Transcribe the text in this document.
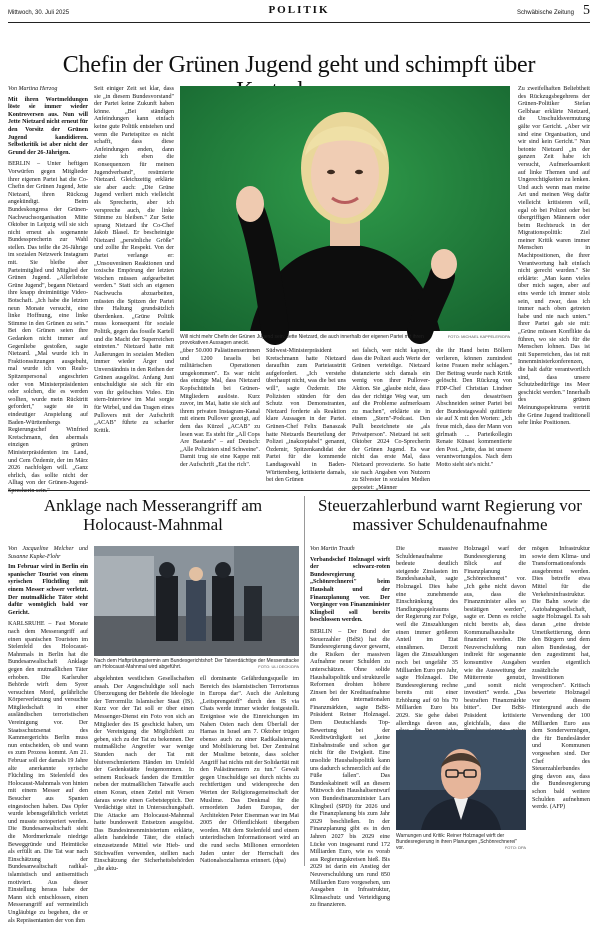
Mittwoch, 30. Juli 2025	POLITIK	Schwäbische Zeitung 5
Chefin der Grünen Jugend geht und schimpft über
Von Martina Herzog

Mit ihren Wortmeldungen löste sie immer wieder Kontroversen aus. Nun will Jette Nietzard nicht erneut für den Vorsitz der Grünen Jugend kandidieren. Selbstkritik ist aber nicht der Grund der 26-Jährigen.

BERLIN – Unter heftigen Vorwürfen gegen Mitglieder ihrer eigenen Partei hat die Co-Chefin der Grünen Jugend, Jette Nietzard, ihren Rückzug angekündigt. Beim Bundeskongress der Grünen-Nachwuchsorganisation Mitte Oktober in Leipzig will sie sich nicht erneut als sogenannte Bundessprecherin zur Wahl stellen. Das teilte die 26-Jährige im sozialen Netzwerk Instagram mit. Sie bleibe aber Parteimitglied und Mitglied der Grünen Jugend. „Allerliebste Grüne Jugend", begann Nietzard ihre knapp dreiminütige Video-Botschaft. „Ich habe die letzten neun Monate versucht, eine linke Hoffnung, eine linke Stimme in den Grünen zu sein." Bei den Grünen seien ihre Gedanken nicht immer auf Gegenliebe gestoßen, sagte Nietzard. „Mal wurde ich in Fraktionssitzungen ausgebuht, mal wurde ich von Realo-Spitzenpersonal angeschrien oder von Ministerpräsidenten oder solchen, die es werden wollten, wurde mein Rücktritt gefordert," sagte sie in eindeutiger Anspielung auf Baden-Württembergs Regierungschef Winfried Kretschmann, den abermals einzigen grünen Ministerpräsidenten im Land, und Cem Özdemir, der im März 2026 nachfolgen will. „Ganz ehrlich, das sollte nicht der Alltag von der Grünen-Jugend-Sprecherin sein."

Seit einiger Zeit sei klar, dass sie „in diesem Bundesvorstand" der Partei keine Zukunft haben könne. „Bei ständigen Anfeindungen kann einfach keine gute Politik entstehen und wenn die Parteispitze es nicht schafft, dass diese Anfeindungen enden, dann ziehe ich eben die Konsequenzen für meinen Jugendverband", resümierte Nietzard. Gleichzeitig erklärte sie aber auch: „Die Grüne Jugend verliert mich vielleicht als Sprecherin, aber ich verspreche auch, die linke Stimme zu bleiben." Zur Seite sprang Nietzard ihr Co-Chef Jakob Blasel. Er bescheinigte Nietzard „persönliche Größe" und zollte ihr Respekt. Von der Partei verlange er: „Unsouveränen Reaktionen und toxische Empörung der letzten Wochen müssen aufgearbeitet werden." Statt sich an eigenen Nachwuchs abzuarbeiten, müssten die Spitzen der Partei ihre Haltung grundsätzlich überdenken. „Grüne Politik muss konsequent für soziale Politik, gegen das fossile Kartell und die Macht der Superreichen eintreten." Nietzard hatte mit Äußerungen in sozialen Medien immer wieder Ärger und Unverständnis in den Reihen der Grünen ausgelöst. Anfang Juni entschuldigte sie sich für ein von ihr gelöschtes Video. Ein stern-Interview im Mai sorgte für Wirbel, und das Tragen eines Pullovers mit der Aufschrift „ACAB" führte zu scharfer Kritik.

FOTO: MICHAEL KAPPELER/DPA
Will nicht mehr Chefin der Grünen Jugend sein: Jette Nietzard, die auch innerhalb der eigenen Partei mit ihren provokativen Aussagen aneckt.

„über 50.000 Palästinenserinnen und 1200 Israelis bei militärischen Operationen umgekommen". Es war nicht das einzige Mal, dass Nietzard Kopfschütteln bei Grünen-Mitgliedern auslöste. Kurz zuvor, im Mai, hatte sie sich auf ihrem privaten Instagram-Kanal mit einem Pullover gezeigt, auf dem das Kürzel „ACAB" zu lesen war. Es steht für „All Cops Are Bastards" – auf Deutsch: „Alle Polizisten sind Schweine". Damit trug sie eine Kappe mit der Aufschrift „Eat the rich".

Südwest-Ministerpräsident Kretschmann hatte Nietzard daraufhin zum Parteiaustritt aufgefordert. „Ich verstehe überhaupt nicht, was die bei uns will", sagte Özdemir. Die Polizisten stünden für den Schutz von Demonstranten, Nietzard forderte als Reaktion klare Aussagen in der Partei. Grünen-Chef Felix Banaszak hatte Nietzards Beurteilung der Polizei „inakzeptabel" genannt, Özdemir, Spitzenkandidat der Partei für die kommende Landtagswahl in Baden-Württemberg, kritisierte damals, bei den Grünen

sei falsch, wer nicht kapiere, dass die Polizei auch Werte der Grünen verteidige. Nietzard distanzierte sich damals ein wenig von ihrer Pullover-Aktion. Sie „glaube nicht, dass das der richtige Weg war, um auf die Probleme aufmerksam zu machen", erklärte sie in einem „Stern"-Podcast. Den Pulli bezeichnete sie „als Privatperson". Nietzard ist seit Oktober 2024 Co-Sprecherin der Grünen Jugend. Es war nicht das erste Mal, dass Nietzard provozierte. So hatte sie nach Angaben von Nutzern zu Silvester in sozialen Medien gepostet: „Männer

die ihr Hand beim Böllern verlieren, können zumindest keine Frauen mehr schlagen." Der Beitrag wurde nach Kritik gelöscht. Den Rückzug von FDP-Chef Christian Lindner nach den desaströsen Abschneiden seiner Partei bei der Bundestagswahl quittierte sie auf X mit den Worten: „Ich freue mich, dass der Mann von girlmath ... Parteikollegin Renate Künast kommentierte den Post. „Jette, das ist unsere verantwortungslos. Nach dem Motto sieht sie's nicht."

Zu zweifelhaften Beliebtheit des Rückzugsbegehrens der Grünen-Politiker Stefan Gelbhaar erklärte Nietzard, die Unschuldsvermutung gälte vor Gericht. „Aber wir sind eine Organisation, und wir sind kein Gericht." Nun betonte Nietzard „in der ganzen Zeit habe ich versucht, Aufmerksamkeit auf linke Themen und auf Ungerechtigkeiten zu lenken. Und auch wenn man meine Art und meinen Weg dafür vielleicht kritisieren will, egal ob bei Polizei oder bei übergriffigen Männern oder beim Rechtsruck in der Migrationspolitik: Ziel meiner Kritik waren immer Menschen in Machtpositionen, die ihrer Verantwortung halt einfach nicht gerecht wurden." Sie erklärte: „Man kann vieles über mich sagen, aber auf eins werde ich immer stolz sein, und zwar, dass ich immer nach oben getreten habe und nie nach unten." Ihrer Partei gab sie mit: „Grüne müssen Konflikte da führen, wo sie sich für die Menschen lohnen. Das ist mit Superreichen, das ist mit Innenministerkonferenzen, die halt dafür verantwortlich sind, dass unsere Schutzbedürftige ins Meer geschickt werden." Innerhalb des grünen Meinungsspektrums vertritt die Grüne Jugend traditionell sehr linke Positionen.

Anklage nach Messerangriff am Holocaust-Mahnmal
Von Jacqueline Melcher und Susanne Kupke-Flohr

Im Februar wird in Berlin ein spanischer Tourist von einem syrischen Flüchtling mit einem Messer schwer verletzt. Der mutmaßliche Täter steht dafür womöglich bald vor Gericht.

KARLSRUHE – Fast Monate nach dem Messerangriff auf einen spanischen Touristen im Stelenfeld des Holocaust-Mahnmals in Berlin hat die Bundesanwaltschaft Anklage gegen den mutmaßlichen Täter erhoben. Die Karlsruher Behörde wirft dem Syrer versuchten Mord, gefährliche Körperverletzung und versuchte Mitgliedschaft in einer ausländischen terroristischen Vereinigung vor. Der Staatsschutzsenat des Kammergerichts Berlin muss nun entscheiden, ob und wann es zum Prozess kommt. Am 21. Februar soll der damals 19 Jahre alte anerkannte syrische Flüchtling im Stelenfeld des Holocaust-Mahnmals von hinten mit einem Messer auf den Besucher aus Spanien eingestochen haben. Das Opfer wurde lebensgefährlich verletzt und musste notoperiert werden. Die Bundesanwaltschaft sieht die Mordmerkmale niedrige Beweggründe und Heimtücke als erfüllt an. Die Tat war nach Einschätzung der Bundesanwaltschaft radikal-islamistisch und antisemitisch motiviert. Aus dieser Einstellung heraus habe der Mann sich entschlossen, einen Messerangriff auf vermeintlich Ungläubige zu begehen, die er als Repräsentanten der von ihm

Nach dem Haftprüfungstermin am Bundesgerichtshof: Der Tatverdächtige der Messerattacke am Holocaust-Mahnmal wird abgeführt.	FOTO: ULI DECK/DPA

abgelehnten westlichen Gesellschaften ansah. Der Angeschuldigte soll nach Überzeugung der Behörde die Ideologie der Terrormiliz Islamischer Staat (IS). Kurz vor der Tat soll er über einen Messenger-Dienst ein Foto von sich an Mitglieder des IS geschickt haben, um der Vereinigung die Möglichkeit zu geben, sich zu der Tat zu bekennen. Der mutmaßliche Angreifer war wenige Stunden nach der Tat mit blutverschmiertem Händen im Umfeld der Gedenkstätte festgenommen. In seinem Rucksack fanden die Ermittler neben der mutmaßlichen Tatwaffe auch einen Koran, einen Zettel mit Versen daraus sowie einen Gebetsteppich. Der Verdächtige sitzt in Untersuchungshaft. Die Attacke am Holocaust-Mahnmal hatte bundesweit Entsetzen ausgelöst. Das Bundesinnenministerium erklärte, allein handelnde Täter, die einfach einzusetzende Mittel wie Hieb- und Stichwaffen verwenden, stellten nach Einschätzung der Sicherheitsbehörden „die aktu-

ell dominante Gefährdungsquelle im Bereich des islamistischen Terrorismus in Europa dar". Auch die Anleitung „Leitsprengstoff" durch den IS via Chats werde immer wieder festgestellt. Ereignisse wie die Einreichungen im Nahen Osten nach dem Überfall der Hamas in Israel am 7. Oktober trügen ebenso auch zu einer Radikalisierung und Mobilisierung bei. Der Zentralrat der Muslime betonte, dass solcher Angriff hat nichts mit der Solidarität mit den Palästinensern zu tun." Gewalt gegen Unschuldige sei durch nichts zu rechtfertigen und widerspreche den Werten der Religionsgemeinschaft der Muslime. Das Denkmal für die ermordeten Juden Europas, der Architekten Peter Eisenman war im Mai 2005 der Öffentlichkeit übergeben worden. Mit dem Stelenfeld und einem unterirdischen Informationsort wird an die rund sechs Millionen ermordeten Juden unter der Herrschaft des Nationalsozialismus erinnert. (dpa)

Steuerzahlerbund warnt Regierung vor massiver Schuldenaufnahme
Von Martin Trauth

Verbandschef Holznagel wirft der schwarz-roten Bundesregierung „Schönrechnerei" beim Haushalt und der Finanzplanung vor. Der Vorgänger von Finanzminister Klingbeil soll bereits beschlossen werden.

BERLIN – Der Bund der Steuerzahler (BdSt) hat die Bundesregierung davor gewarnt, die Risiken der massiven Aufnahme neuer Schulden zu unterschätzen. Ohne solide Haushaltspolitik und strukturelle Reformen drohten höhere Zinsen bei der Kreditaufnahme an den internationalen Finanzmärkten, sagte BdSt-Präsident Reiner Holznagel. Dem Deutschlands Top-Bewertung bei der Kreditwürdigkeit sei „keine Einbahnstraße und schon gar nicht für die Ewigkeit. Eine unsolide Haushaltspolitik kann uns dadurch schmerzlich auf die Füße fallen". Das Bundeskabinett will an diesem Mittwoch den Haushaltsentwurf von Bundesfinanzminister Lars Klingbeil (SPD) für 2026 und die Finanzplanung bis zum Jahr 2029 beschließen. In der Finanzplanung gibt es in den Jahren 2027 bis 2029 eine Lücke von insgesamt rund 172 Milliarden Euro, wie es vorab aus Regierungskreisen hieß. Bis 2029 ist darin ein Anstieg der Neuverschuldung um rund 850 Milliarden Euro vorgesehen, um Ausgaben in Infrastruktur, Klimaschutz und Verteidigung zu finanzieren.

Die massive Schuldenaufnahme bedeute deutlich steigende Zinslasten im Bundeshaushalt, sagte Holznagel. Dies habe eine zunehmende Einschränkung des Handlungsspielraums der Regierung zur Folge, weil die Zinszahlungen einen immer größeren Anteil im Etat einnähmen. Derzeit lägen die Zinszahlungen noch bei ungefähr 35 Milliarden Euro pro Jahr, sagte Holznagel. Die Bundesregierung rechne bereits mit einer Erhöhung auf 60 bis 70 Milliarden Euro bis 2029. Sie gehe dabei allerdings davon aus,

Holznagel warf der Bundesregierung im Blick auf die Finanzplanung „Schönrechnerei" vor. „Ich gehe nicht davon aus, dass die Finanzminister alles so bestätigen werden", sagte er. Denn es reiche nicht bereits ab, dass Kommunalhaushalte finanziert werden. Die Neuverschuldung nun indirekt für sogenannte konsumtive Ausgaben wie die Ausweitung der Mütterrente genutzt, „und somit nicht investiert" werde. „Das bestraften Finanzmärkte bitter". Der BdSt-Präsident kritisierte gleichfalls, dass die

mögen Infrastruktur sowie dem Klima- und Transformationsfonds ausgebremst werden. Dies betreffe etwa Mittel für die Verkehrsinfrastruktur. Die Bahn sowie die Autobahngesellschaft, sagte Holznagel. Es sah daran „eine dreiste Umetikettierung, denn den Bürgern und dem alten Bundestag, der den zugestimmt hat, wurden eigentlich zusätzliche Investitionen versprochen". Kritisch bewertete Holznagel vor diesem Hintergrund auch die Verwendung der 100 Milliarden Euro aus dem Sondervermögen, die für Bundesländer und Kommunen vorgesehen sind. Der Chef des Steuerzahlerbundes ging davon aus, dass die Bundesregierung schon bald weitere Schulden aufnehmen werde. (AFP)

Warnungen und Kritik: Reiner Holznagel wirft der Bundesregierung in ihren Planungen „Schönrechnerei" vor.	FOTO: DPA
